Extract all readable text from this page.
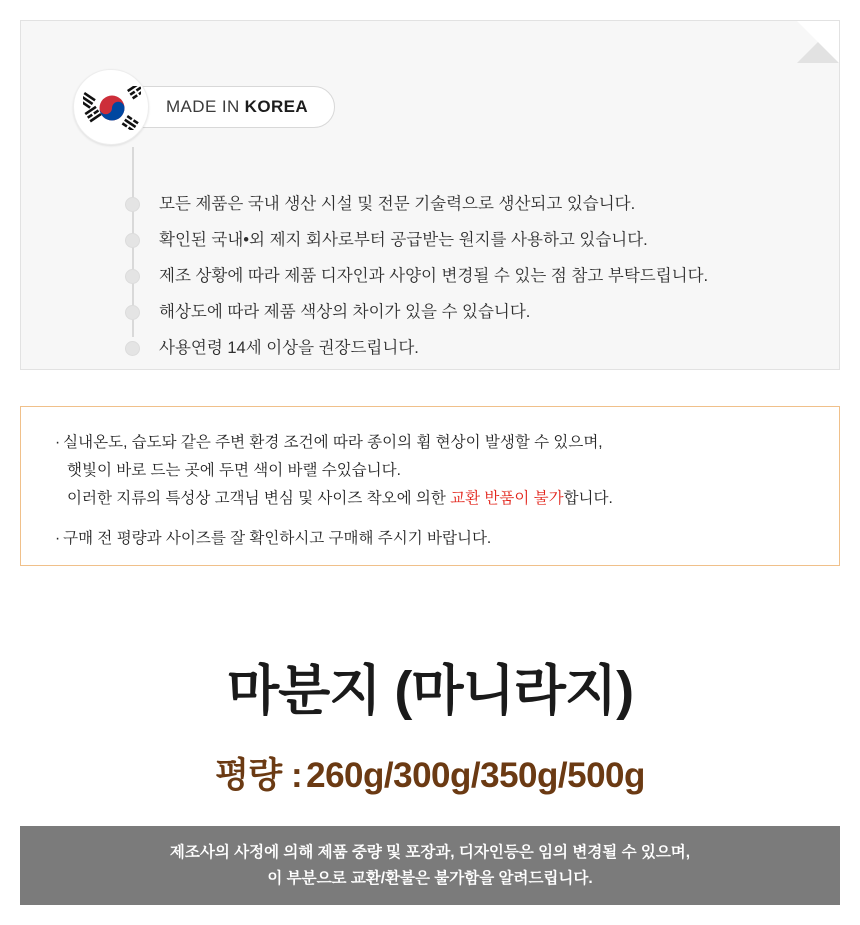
MADE IN KOREA
모든 제품은 국내 생산 시설 및 전문 기술력으로 생산되고 있습니다.
확인된 국내•외 제지 회사로부터 공급받는 원지를 사용하고 있습니다.
제조 상황에 따라 제품 디자인과 사양이 변경될 수 있는 점 참고 부탁드립니다.
해상도에 따라 제품 색상의 차이가 있을 수 있습니다.
사용연령 14세 이상을 권장드립니다.
· 실내온도, 습도돠 같은 주변 환경 조건에 따라 종이의 휨 현상이 발생할 수 있으며,
햇빛이 바로 드는 곳에 두면 색이 바랠 수있습니다.
이러한 지류의 특성상 고객님 변심 및 사이즈 착오에 의한 교환 반품이 불가합니다.
· 구매 전 평량과 사이즈를 잘 확인하시고 구매해 주시기 바랍니다.
마분지 (마니라지)
평량 : 260g/300g/350g/500g
제조사의 사정에 의해 제품 중량 및 포장과, 디자인등은 임의 변경될 수 있으며,
이 부분으로 교환/환불은 불가함을 알려드립니다.
